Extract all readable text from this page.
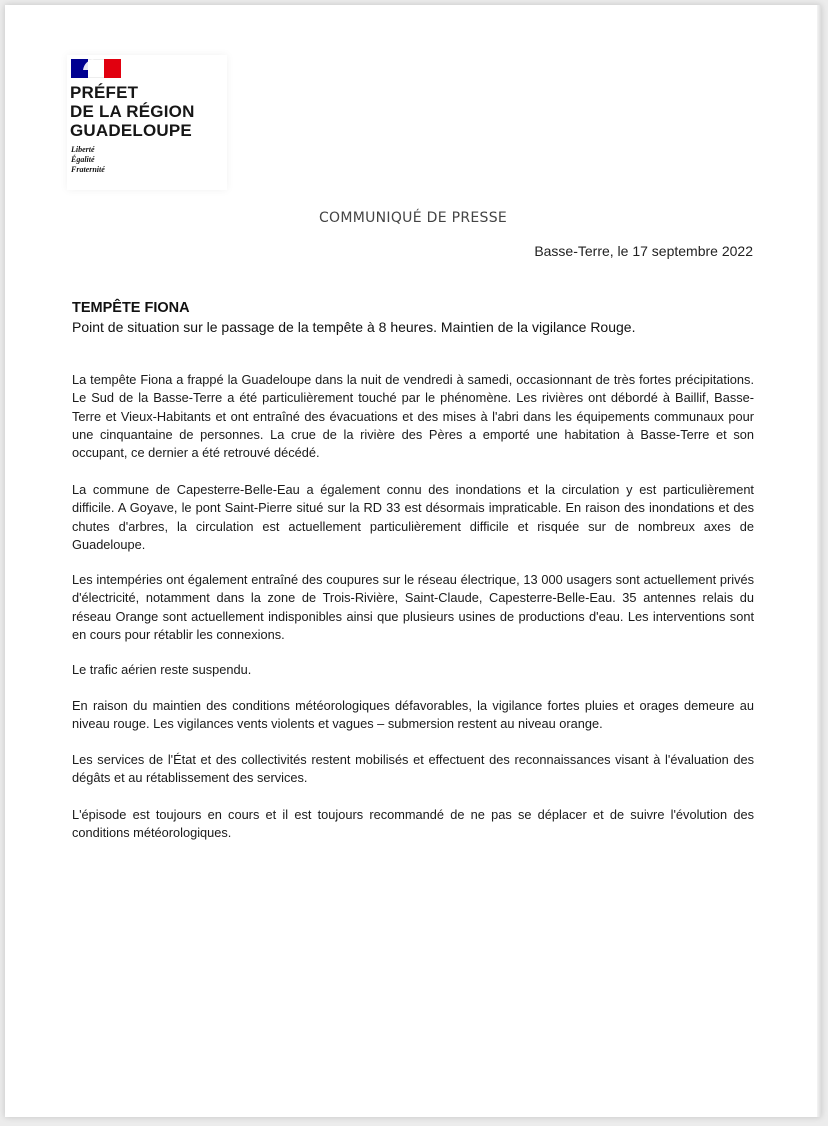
PRÉFET
DE LA RÉGION
GUADELOUPE

Liberté
Égalité
Fraternité

COMMUNIQUÉ DE PRESSE

Basse-Terre, le 17 septembre 2022

TEMPÊTE FIONA

Point de situation sur le passage de la tempête à 8 heures. Maintien de la vigilance Rouge.

La tempête Fiona a frappé la Guadeloupe dans la nuit de vendredi à samedi, occasionnant de très fortes précipitations. Le Sud de la Basse-Terre a été particulièrement touché par le phénomène. Les rivières ont débordé à Baillif, Basse-Terre et Vieux-Habitants et ont entraîné des évacuations et des mises à l'abri dans les équipements communaux pour une cinquantaine de personnes. La crue de la rivière des Pères a emporté une habitation à Basse-Terre et son occupant, ce dernier a été retrouvé décédé.

La commune de Capesterre-Belle-Eau a également connu des inondations et la circulation y est particulièrement difficile. A Goyave, le pont Saint-Pierre situé sur la RD 33 est désormais impraticable. En raison des inondations et des chutes d'arbres, la circulation est actuellement particulièrement difficile et risquée sur de nombreux axes de Guadeloupe.

Les intempéries ont également entraîné des coupures sur le réseau électrique, 13 000 usagers sont actuellement privés d'électricité, notamment dans la zone de Trois-Rivière, Saint-Claude, Capesterre-Belle-Eau. 35 antennes relais du réseau Orange sont actuellement indisponibles ainsi que plusieurs usines de productions d'eau. Les interventions sont en cours pour rétablir les connexions.

Le trafic aérien reste suspendu.

En raison du maintien des conditions météorologiques défavorables, la vigilance fortes pluies et orages demeure au niveau rouge. Les vigilances vents violents et vagues – submersion restent au niveau orange.

Les services de l'État et des collectivités restent mobilisés et effectuent des reconnaissances visant à l'évaluation des dégâts et au rétablissement des services.

L'épisode est toujours en cours et il est toujours recommandé de ne pas se déplacer et de suivre l'évolution des conditions météorologiques.
